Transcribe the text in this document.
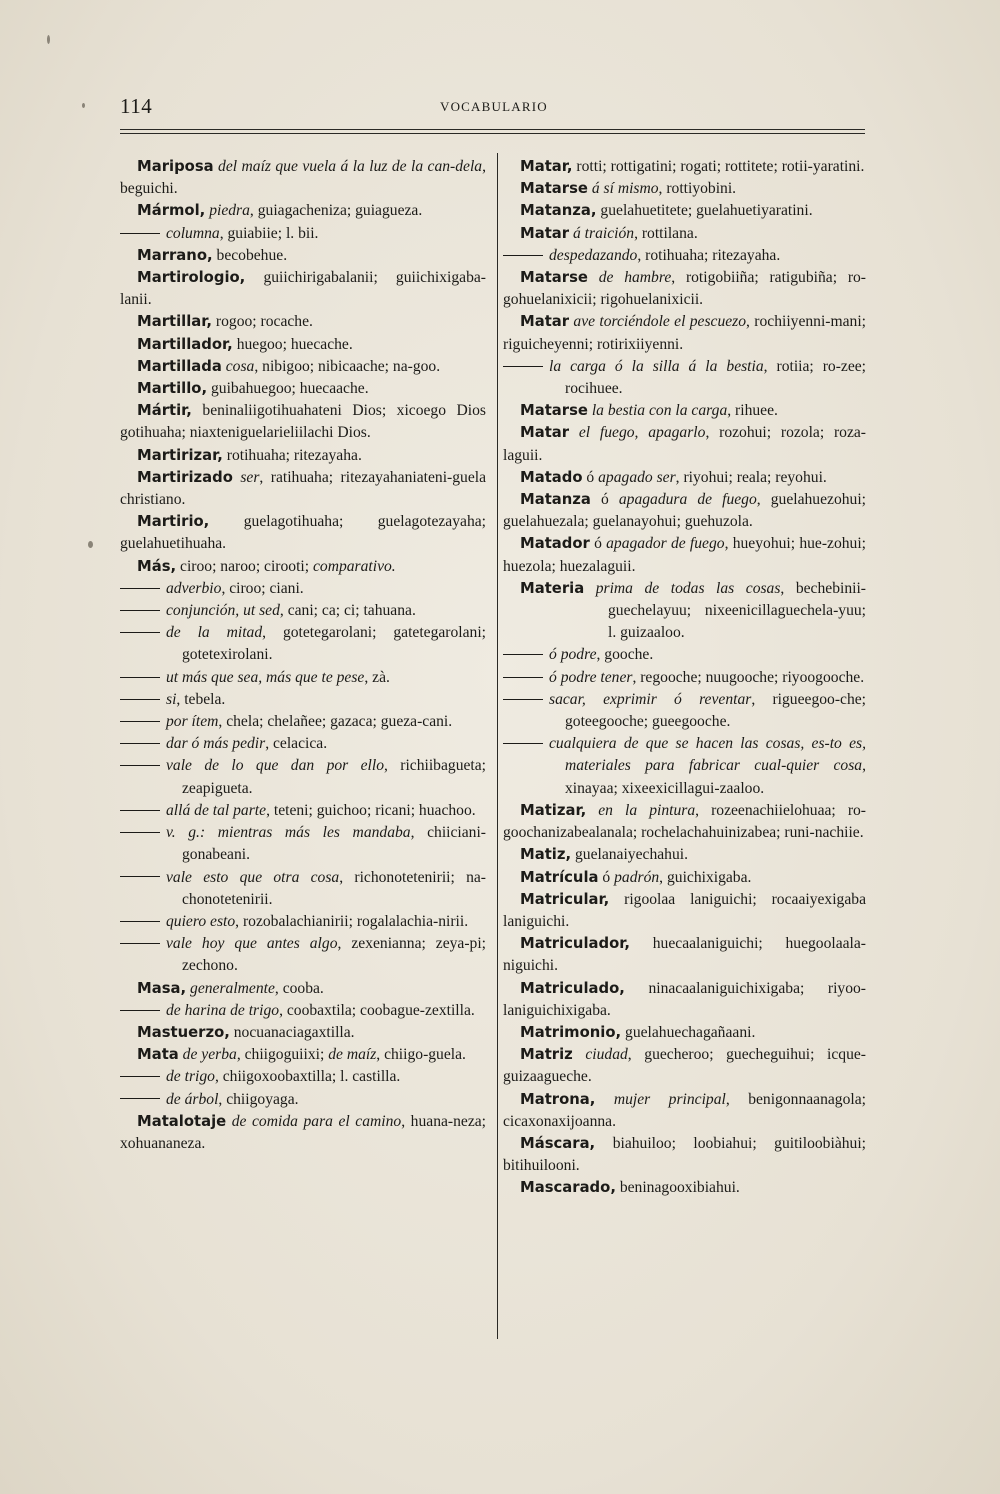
114	VOCABULARIO
Mariposa del maíz que vuela á la luz de la can-dela, beguichi.
Mármol, piedra, guiagacheniza; guiagueza.
columna, guiabiie; l. bii.
Marrano, becobehue.
Martirologio, guiichirigabalanii; guiichixigaba-lanii.
Martillar, rogoo; rocache.
Martillador, huegoo; huecache.
Martillada cosa, nibigoo; nibicaache; na-goo.
Martillo, guibahuegoo; huecaache.
Mártir, beninaliigotihuahateni Dios; xicoego Dios gotihuaha; niaxteniguelarieliilachi Dios.
Martirizar, rotihuaha; ritezayaha.
Martirizado ser, ratihuaha; ritezayahaniateni-guela christiano.
Martirio, guelagotihuaha; guelagotezayaha; guelahuetihuaha.
Más, ciroo; naroo; cirooti; comparativo.
adverbio, ciroo; ciani.
conjunción, ut sed, cani; ca; ci; tahuana.
de la mitad, gotetegarolani; gatetegarolani; gotetexirolani.
ut más que sea, más que te pese, zà.
si, tebela.
por ítem, chela; chelañee; gazaca; gueza-cani.
dar ó más pedir, celacica.
vale de lo que dan por ello, richiibagueta; zeapigueta.
allá de tal parte, teteni; guichoo; ricani; huachoo.
v. g.: mientras más les mandaba, chiiciani-gonabeani.
vale esto que otra cosa, richonotetenirii; na-chonotetenirii.
quiero esto, rozobalachianirii; rogalalachia-nirii.
vale hoy que antes algo, zexenianna; zeya-pi; zechono.
Masa, generalmente, cooba.
de harina de trigo, coobaxtila; coobague-zextilla.
Mastuerzo, nocuanaciagaxtilla.
Mata de yerba, chiigoguiixi; de maíz, chiigo-guela.
de trigo, chiigoxoobaxtilla; l. castilla.
de árbol, chiigoyaga.
Matalotaje de comida para el camino, huana-neza; xohuananeza.
Matar, rotti; rottigatini; rogati; rottitete; rotii-yaratini.
Matarse á sí mismo, rottiyobini.
Matanza, guelahuetitete; guelahuetiyaratini.
Matar á traición, rottilana.
despedazando, rotihuaha; ritezayaha.
Matarse de hambre, rotigobiiña; ratigubiña; ro-gohuelanixicii; rigohuelanixicii.
Matar ave torciéndole el pescuezo, rochiiyenni-mani; riguicheyenni; rotirixiiyenni.
la carga ó la silla á la bestia, rotiia; ro-zee; rocihuee.
Matarse la bestia con la carga, rihuee.
Matar el fuego, apagarlo, rozohui; rozola; roza-laguii.
Matado ó apagado ser, riyohui; reala; reyohui.
Matanza ó apagadura de fuego, guelahuezohui; guelahuezala; guelanayohui; guehuzola.
Matador ó apagador de fuego, hueyohui; hue-zohui; huezola; huezalaguii.
Materia prima de todas las cosas, bechebinii-guechelayuu; nixeenicillaguechela-yuu; l. guizaaloo.
ó podre, gooche.
ó podre tener, regooche; nuugooche; riyoogooche.
sacar, exprimir ó reventar, rigueegoo-che; goteegooche; gueegooche.
cualquiera de que se hacen las cosas, es-to es, materiales para fabricar cual-quier cosa, xinayaa; xixeexicillagui-zaaloo.
Matizar, en la pintura, rozeenachiielohuaa; ro-goochanizabealanala; rochelachahuinizabea; runi-nachiie.
Matiz, guelanaiyechahui.
Matrícula ó padrón, guichixigaba.
Matricular, rigoolaa laniguichi; rocaaiyexigaba laniguichi.
Matriculador, huecaalaniguichi; huegoolaala-niguichi.
Matriculado, ninacaalaniguichixigaba; riyoo-laniguichixigaba.
Matrimonio, guelahuechagañaani.
Matriz ciudad, guecheroo; guecheguihui; icque-guizaagueche.
Matrona, mujer principal, benigonnaanagola; cicaxonaxijoanna.
Máscara, biahuiloo; loobiahui; guitiloobiàhui; bitihuilooni.
Mascarado, beninagooxibiahui.
